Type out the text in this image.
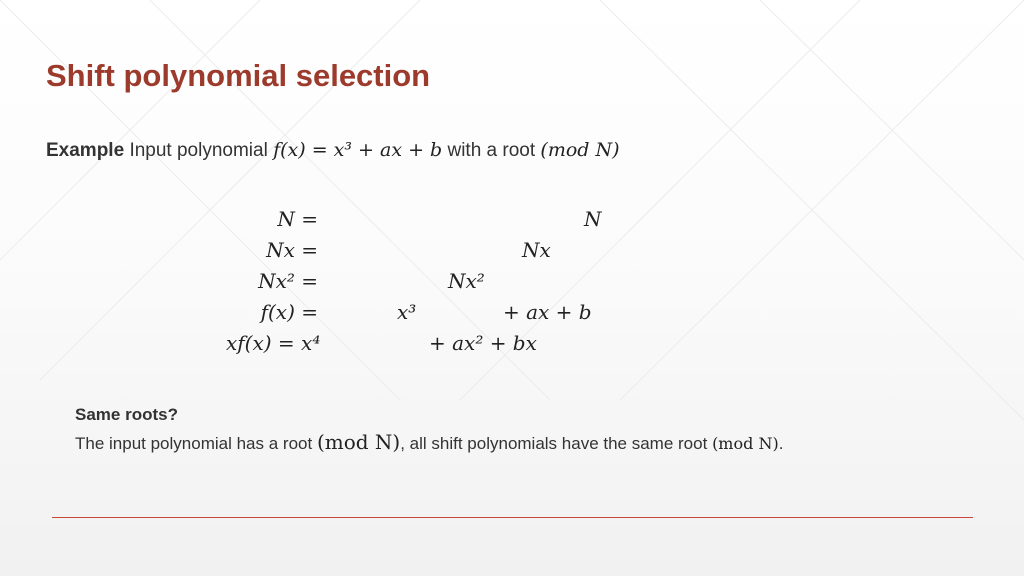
Shift polynomial selection
Example Input polynomial f(x) = x³ + ax + b with a root (mod N)
N =	N
Nx =	Nx
Nx² =	Nx²
f(x) =	x³	+ ax + b
xf(x) = x⁴	+ ax² + bx
Same roots?
The input polynomial has a root (mod N), all shift polynomials have the same root (mod N).
